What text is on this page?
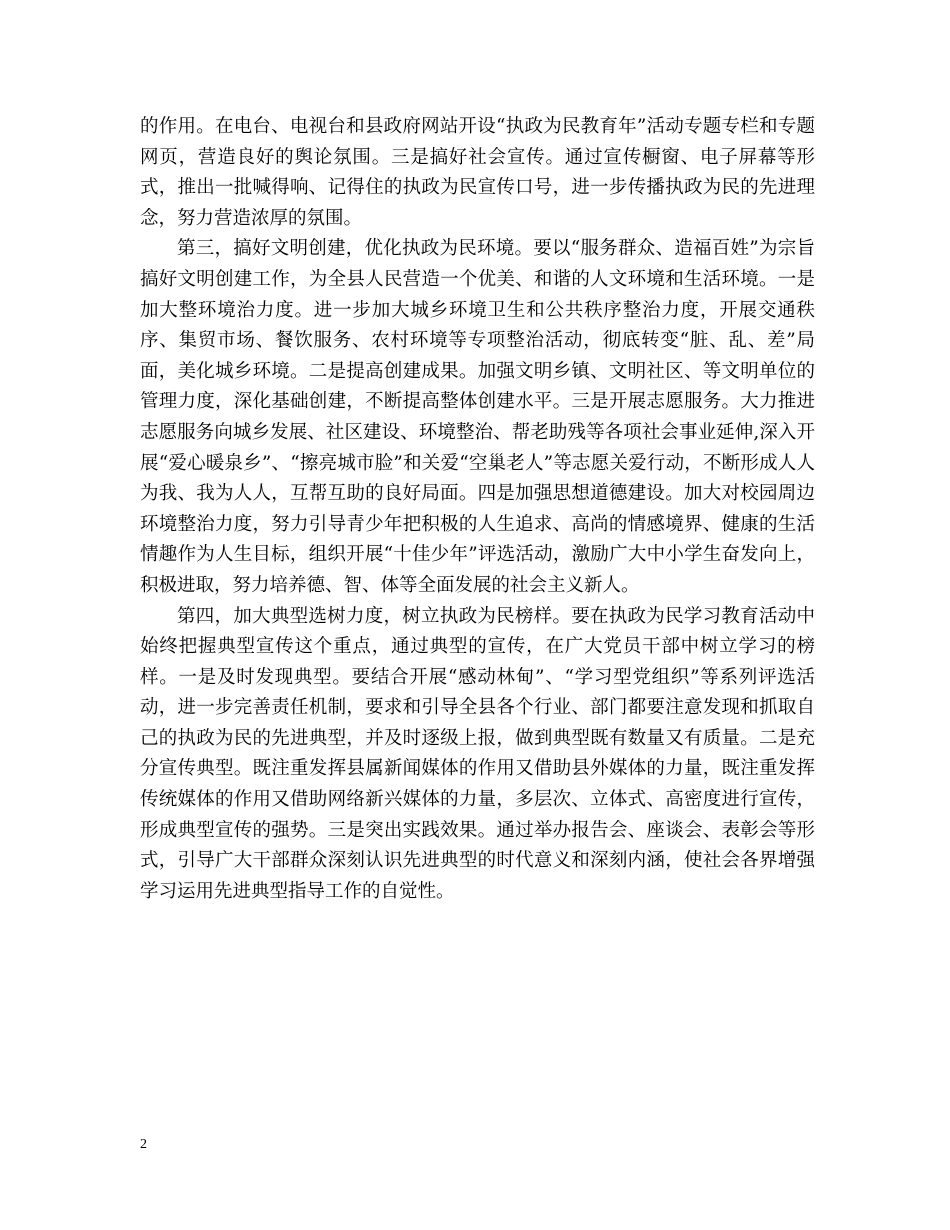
的作用。在电台、电视台和县政府网站开设“执政为民教育年”活动专题专栏和专题网页，营造良好的舆论氛围。三是搞好社会宣传。通过宣传橱窗、电子屏幕等形式，推出一批喊得响、记得住的执政为民宣传口号，进一步传播执政为民的先进理念，努力营造浓厚的氛围。

第三，搞好文明创建，优化执政为民环境。要以“服务群众、造福百姓”为宗旨搞好文明创建工作，为全县人民营造一个优美、和谐的人文环境和生活环境。一是加大整环境治力度。进一步加大城乡环境卫生和公共秩序整治力度，开展交通秩序、集贸市场、餐饮服务、农村环境等专项整治活动，彻底转变“脏、乱、差”局面，美化城乡环境。二是提高创建成果。加强文明乡镇、文明社区、等文明单位的管理力度，深化基础创建，不断提高整体创建水平。三是开展志愿服务。大力推进志愿服务向城乡发展、社区建设、环境整治、帮老助残等各项社会事业延伸,深入开展“爱心暖泉乡”、“擦亮城市脸”和关爱“空巢老人”等志愿关爱行动，不断形成人人为我、我为人人，互帮互助的良好局面。四是加强思想道德建设。加大对校园周边环境整治力度，努力引导青少年把积极的人生追求、高尚的情感境界、健康的生活情趣作为人生目标，组织开展“十佳少年”评选活动，激励广大中小学生奋发向上，积极进取，努力培养德、智、体等全面发展的社会主义新人。

第四，加大典型选树力度，树立执政为民榜样。要在执政为民学习教育活动中始终把握典型宣传这个重点，通过典型的宣传，在广大党员干部中树立学习的榜样。一是及时发现典型。要结合开展“感动林甸”、“学习型党组织”等系列评选活动，进一步完善责任机制，要求和引导全县各个行业、部门都要注意发现和抓取自己的执政为民的先进典型，并及时逐级上报，做到典型既有数量又有质量。二是充分宣传典型。既注重发挥县属新闻媒体的作用又借助县外媒体的力量，既注重发挥传统媒体的作用又借助网络新兴媒体的力量，多层次、立体式、高密度进行宣传，形成典型宣传的强势。三是突出实践效果。通过举办报告会、座谈会、表彰会等形式，引导广大干部群众深刻认识先进典型的时代意义和深刻内涵，使社会各界增强学习运用先进典型指导工作的自觉性。

2
